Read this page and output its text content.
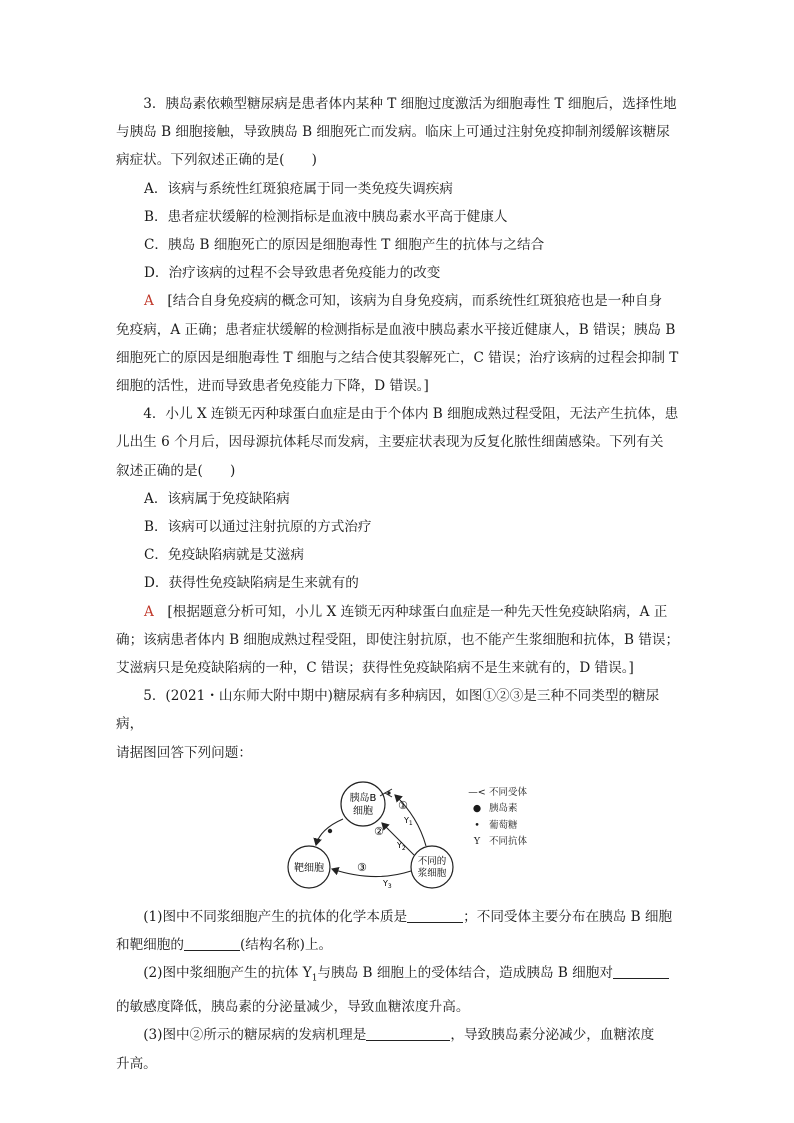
3．胰岛素依赖型糖尿病是患者体内某种 T 细胞过度激活为细胞毒性 T 细胞后，选择性地

与胰岛 B 细胞接触，导致胰岛 B 细胞死亡而发病。临床上可通过注射免疫抑制剂缓解该糖尿

病症状。下列叙述正确的是(　　)

A．该病与系统性红斑狼疮属于同一类免疫失调疾病

B．患者症状缓解的检测指标是血液中胰岛素水平高于健康人

C．胰岛 B 细胞死亡的原因是细胞毒性 T 细胞产生的抗体与之结合

D．治疗该病的过程不会导致患者免疫能力的改变

A　 [结合自身免疫病的概念可知，该病为自身免疫病，而系统性红斑狼疮也是一种自身

免疫病，A 正确；患者症状缓解的检测指标是血液中胰岛素水平接近健康人，B 错误；胰岛 B

细胞死亡的原因是细胞毒性 T 细胞与之结合使其裂解死亡，C 错误；治疗该病的过程会抑制 T

细胞的活性，进而导致患者免疫能力下降，D 错误。]

4．小儿 X 连锁无丙种球蛋白血症是由于个体内 B 细胞成熟过程受阻，无法产生抗体，患

儿出生 6 个月后，因母源抗体耗尽而发病，主要症状表现为反复化脓性细菌感染。下列有关

叙述正确的是(　　)

A．该病属于免疫缺陷病

B．该病可以通过注射抗原的方式治疗

C．免疫缺陷病就是艾滋病

D．获得性免疫缺陷病是生来就有的

A　 [根据题意分析可知，小儿 X 连锁无丙种球蛋白血症是一种先天性免疫缺陷病，A 正

确；该病患者体内 B 细胞成熟过程受阻，即使注射抗原，也不能产生浆细胞和抗体，B 错误；

艾滋病只是免疫缺陷病的一种，C 错误；获得性免疫缺陷病不是生来就有的，D 错误。]

5．(2021・山东师大附中期中)糖尿病有多种病因，如图①②③是三种不同类型的糖尿病，

请据图回答下列问题：

胰岛B
细胞
靶细胞
不同的
浆细胞
①
②
③
$Y_1$
$Y_2$
$Y_3$
—< 不同受体
● 胰岛素
• 葡萄糖
Y 不同抗体

(1)图中不同浆细胞产生的抗体的化学本质是	；不同受体主要分布在胰岛 B 细胞

和靶细胞的	(结构名称)上。

(2)图中浆细胞产生的抗体 $Y_1$与胰岛 B 细胞上的受体结合，造成胰岛 B 细胞对

的敏感度降低，胰岛素的分泌量减少，导致血糖浓度升高。

(3)图中②所示的糖尿病的发病机理是	，导致胰岛素分泌减少，血糖浓度

升高。
